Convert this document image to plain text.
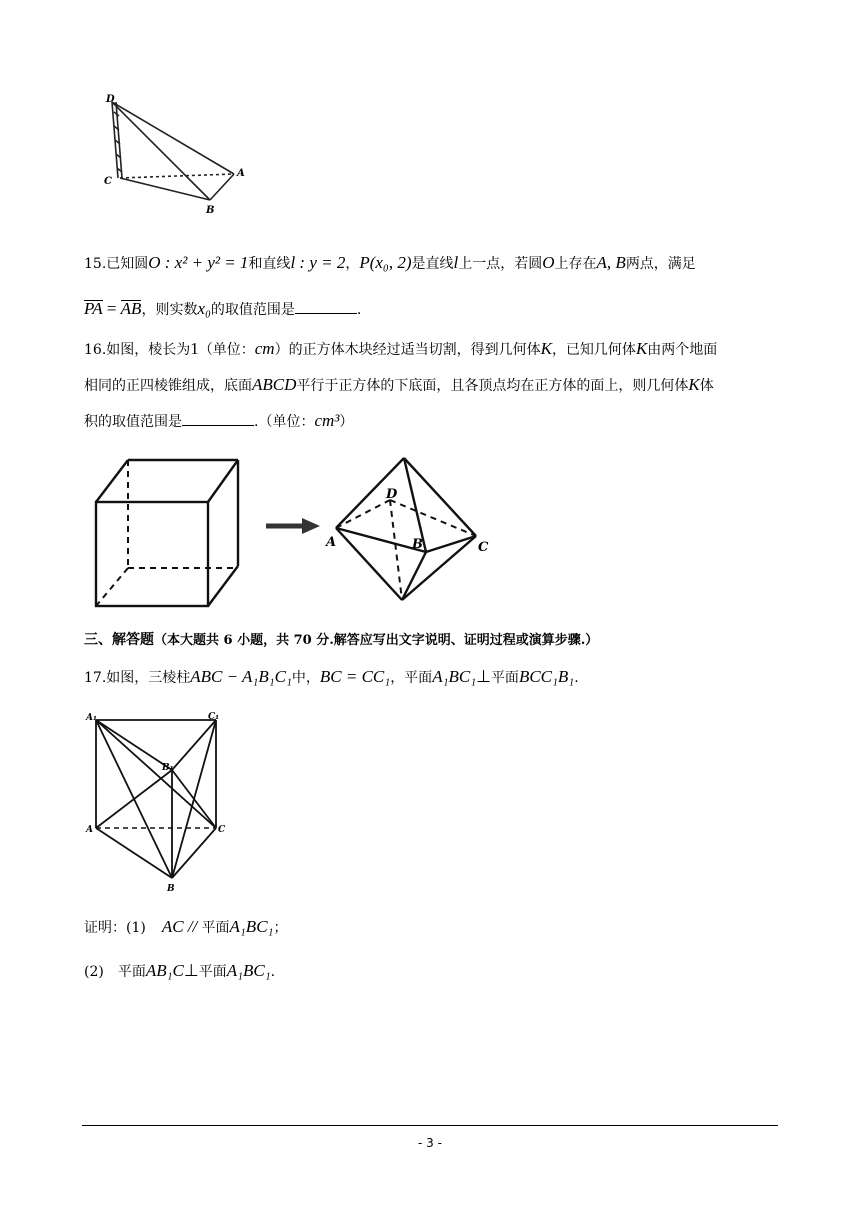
D
C
A
B
15.已知圆O : x² + y² = 1和直线l : y = 2，P(x₀, 2)是直线l上一点，若圆O上存在A, B两点，满足
PA = AB，则实数x₀的取值范围是	.
16.如图，棱长为1（单位：cm）的正方体木块经过适当切割，得到几何体K，已知几何体K由两个地面
相同的正四棱锥组成，底面ABCD平行于正方体的下底面，且各顶点均在正方体的面上，则几何体K体
积的取值范围是	.（单位：cm³）
D
A	B	C
三、解答题（本大题共 6 小题，共 70 分.解答应写出文字说明、证明过程或演算步骤.）
17.如图，三棱柱ABC − A₁B₁C₁中，BC = CC₁，平面A₁BC₁⊥平面BCC₁B₁.
A₁	C₁
B₁
A	C
B
证明：(1) AC // 平面A₁BC₁；
(2) 平面AB₁C⊥平面A₁BC₁.
- 3 -
